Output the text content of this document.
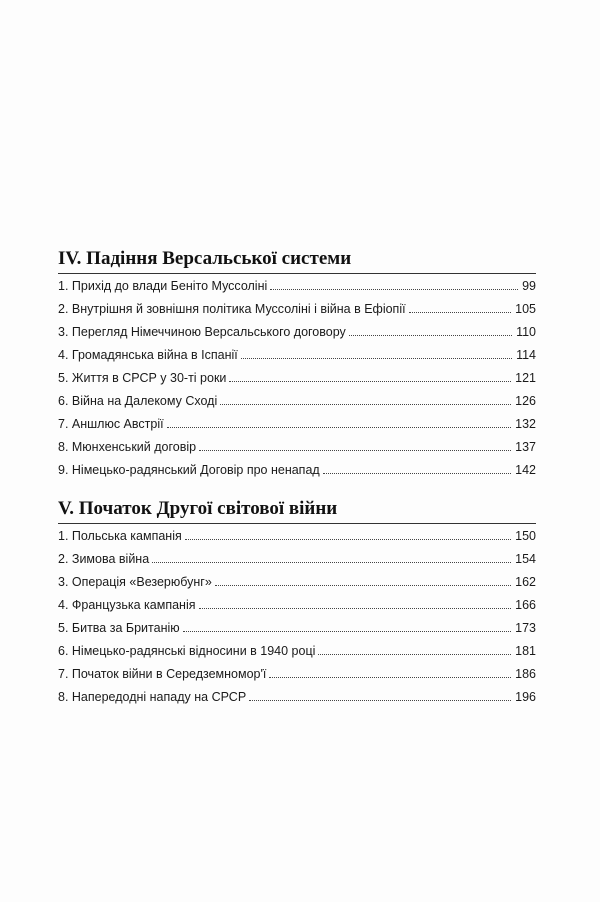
IV. Падіння Версальської системи
1. Прихід до влади Беніто Муссоліні	99
2. Внутрішня й зовнішня політика Муссоліні і війна в Ефіопії	105
3. Перегляд Німеччиною Версальського договору	110
4. Громадянська війна в Іспанії	114
5. Життя в СРСР у 30-ті роки	121
6. Війна на Далекому Сході	126
7. Аншлюс Австрії	132
8. Мюнхенський договір	137
9. Німецько-радянський Договір про ненапад	142
V. Початок Другої світової війни
1. Польська кампанія	150
2. Зимова війна	154
3. Операція «Везерюбунг»	162
4. Французька кампанія	166
5. Битва за Британію	173
6. Німецько-радянські відносини в 1940 році	181
7. Початок війни в Середземномор'ї	186
8. Напередодні нападу на СРСР	196
